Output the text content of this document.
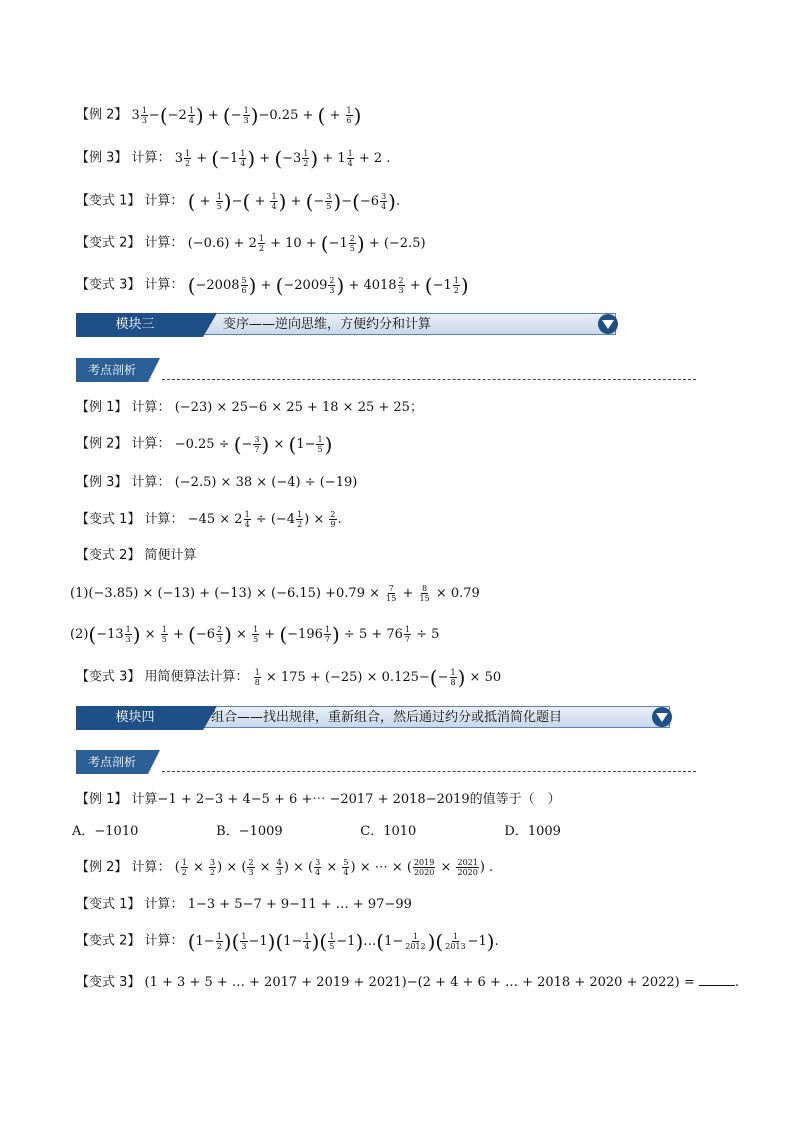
【例 2】 $3 \frac{1}{3} -(-2 \frac{1}{4}$ ) + (− $\frac{1}{3} )-0.25$ + ( + $\frac{1}{6}$ )
【例 3】 计算： $3 \frac{1}{2} + (-1 \frac{1}{4}$ ) + ($-3 \frac{1}{2}$ ) + $1 \frac{1}{4} + 2$ .
【变式 1】 计算： ( + $\frac{1}{5}$ )−( + $\frac{1}{4}$ ) + (− $\frac{3}{5} )-(-6 \frac{3}{4}$ ).
【变式 2】 计算： $(-0.6) + 2 \frac{1}{2} + 10 + (-1 \frac{2}{5}$ ) + (−2.5)
【变式 3】 计算： ($-2008 \frac{5}{6}$ ) + ($-2009 \frac{2}{3}$ ) + $4018 \frac{2}{3} + (-1 \frac{1}{2}$ )
变序——逆向思维，方便约分和计算
模块三
考点剖析
【例 1】 计算： (−23) × 25−6 × 25 + 18 × 25 + 25；
【例 2】 计算： −0.25 ÷ (− $\frac{3}{7}$ ) × ($1- \frac{1}{5}$ )
【例 3】 计算： (−2.5) × 38 × (−4) ÷ (−19)
【变式 1】 计算： $-45 \times 2 \frac{1}{4} \div (-4 \frac{1}{2}$ ) × $\frac{2}{9}$ .
【变式 2】 简便计算
$(1)(-3.85) \times (-13) + (-13) \times (-6.15) +0.79 \times \frac{7}{15} + \frac{8}{15} \times 0.79$
$(2)(-13 \frac{1}{3}$ ) × $\frac{1}{5} + (-6 \frac{2}{3}$ ) × $\frac{1}{5} + (-196 \frac{1}{7}$ ) ÷ $5 + 76 \frac{1}{7} \div 5$
【变式 3】 用简便算法计算： $\frac{1}{8} \times 175 + (-25) \times 0.125-(- \frac{1}{8}$ ) × 50
组合——找出规律，重新组合，然后通过约分或抵消简化题目
模块四
考点剖析
【例 1】 计算−1 + 2−3 + 4−5 + 6 +⋯ −2017 + 2018−2019的值等于（　）
A．−1010	B．−1009	C．1010	D．1009
【例 2】 计算： ( $\frac{1}{2} \times \frac{3}{2}$ ) × ( $\frac{2}{3} \times \frac{4}{3}$ ) × ( $\frac{3}{4} \times \frac{5}{4}$ ) × ⋯ × ( $\frac{2019}{2020} \times \frac{2021}{2020}$ ) .
【变式 1】 计算： 1−3 + 5−7 + 9−11 + … + 97−99
【变式 2】 计算： ($1- \frac{1}{2}$ )( $\frac{1}{3} -1)(1- \frac{1}{4}$ )( $\frac{1}{5}$ −1)…(1− $\frac{1}{2012}$ )( $\frac{1}{2013} -1$).
【变式 3】 (1 + 3 + 5 + … + 2017 + 2019 + 2021)−(2 + 4 + 6 + … + 2018 + 2020 + 2022) =	.
